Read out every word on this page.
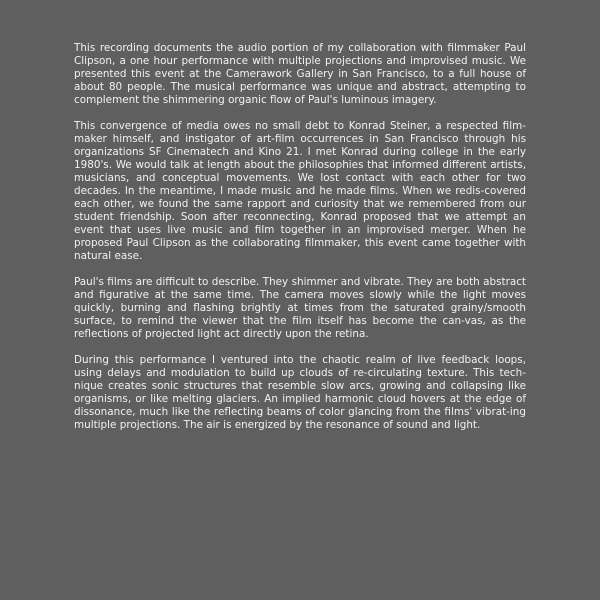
This recording documents the audio portion of my collaboration with filmmaker Paul Clipson, a one hour performance with multiple projections and improvised music. We presented this event at the Camerawork Gallery in San Francisco, to a full house of about 80 people. The musical performance was unique and abstract, attempting to complement the shimmering organic flow of Paul's luminous imagery.

This convergence of media owes no small debt to Konrad Steiner, a respected film-maker himself, and instigator of art-film occurrences in San Francisco through his organizations SF Cinematech and Kino 21. I met Konrad during college in the early 1980's. We would talk at length about the philosophies that informed different artists, musicians, and conceptual movements. We lost contact with each other for two decades. In the meantime, I made music and he made films. When we redis-covered each other, we found the same rapport and curiosity that we remembered from our student friendship. Soon after reconnecting, Konrad proposed that we attempt an event that uses live music and film together in an improvised merger. When he proposed Paul Clipson as the collaborating filmmaker, this event came together with natural ease.

Paul's films are difficult to describe. They shimmer and vibrate. They are both abstract and figurative at the same time. The camera moves slowly while the light moves quickly, burning and flashing brightly at times from the saturated grainy/smooth surface, to remind the viewer that the film itself has become the can-vas, as the reflections of projected light act directly upon the retina.

During this performance I ventured into the chaotic realm of live feedback loops, using delays and modulation to build up clouds of re-circulating texture. This tech-nique creates sonic structures that resemble slow arcs, growing and collapsing like organisms, or like melting glaciers. An implied harmonic cloud hovers at the edge of dissonance, much like the reflecting beams of color glancing from the films' vibrat-ing multiple projections. The air is energized by the resonance of sound and light.
